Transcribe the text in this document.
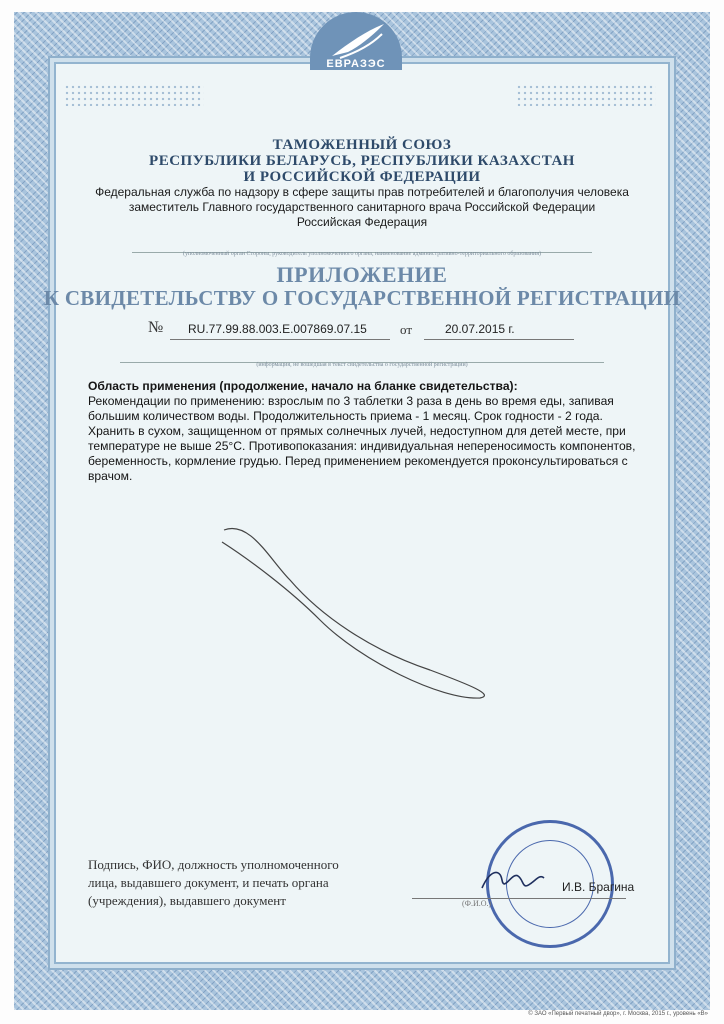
ЕВРАЗЭС
ТАМОЖЕННЫЙ СОЮЗ
РЕСПУБЛИКИ БЕЛАРУСЬ, РЕСПУБЛИКИ КАЗАХСТАН
И РОССИЙСКОЙ ФЕДЕРАЦИИ
Федеральная служба по надзору в сфере защиты прав потребителей и благополучия человека
заместитель Главного государственного санитарного врача Российской Федерации
Российская Федерация
(уполномоченный орган Стороны, руководитель уполномоченного органа, наименование административно-территориального образования)
ПРИЛОЖЕНИЕ
К СВИДЕТЕЛЬСТВУ О ГОСУДАРСТВЕННОЙ РЕГИСТРАЦИИ
№ RU.77.99.88.003.Е.007869.07.15	от	20.07.2015 г.
(информация, не вошедшая в текст свидетельства о государственной регистрации)

Область применения (продолжение, начало на бланке свидетельства):

Рекомендации по применению: взрослым по 3 таблетки 3 раза в день во время еды, запивая

большим количеством воды. Продолжительность приема - 1 месяц. Срок годности - 2 года.

Хранить в сухом, защищенном от прямых солнечных лучей, недоступном для детей месте, при

температуре не выше 25°С. Противопоказания: индивидуальная непереносимость компонентов,

беременность, кормление грудью. Перед применением рекомендуется проконсультироваться с

врачом.

Подпись, ФИО, должность уполномоченного
лица, выдавшего документ, и печать органа
(учреждения), выдавшего документ
И.В. Брагина
(Ф.И.О.)
© ЗАО «Первый печатный двор», г. Москва, 2015 г., уровень «В»
